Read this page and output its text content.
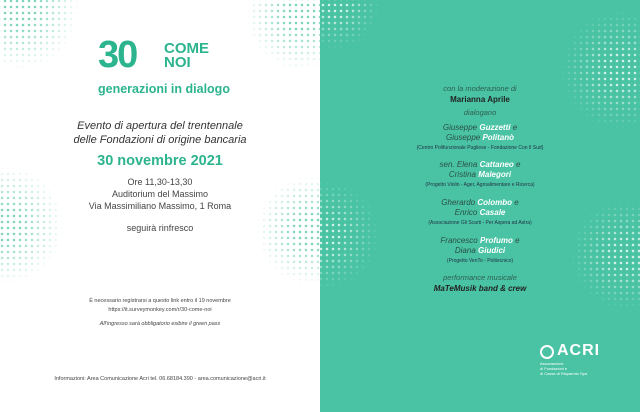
30 COME
NOI
generazioni in dialogo
Evento di apertura del trentennale
delle Fondazioni di origine bancaria
30 novembre 2021
Ore 11,30-13,30
Auditorium del Massimo
Via Massimiliano Massimo, 1 Roma
seguirà rinfresco
È necessario registrarsi a questo link entro il 19 novembre
https://it.surveymonkey.com/r/30-come-noi
All'ingresso sarà obbligatorio esibire il green pass
Informazioni: Area Comunicazione Acri tel. 06.68184.390 - area.comunicazione@acri.it
con la moderazione di
Marianna Aprile
dialogano
Giuseppe Guzzetti e
Giuseppe Politanò
(Centro Polifunzionale Pugliese - Fondazione Con Il Sud)
sen. Elena Cattaneo e
Cristina Malegori
(Progetto Violin - Ager, Agroalimentare e Ricerca)
Gherardo Colombo e
Enrico Casale
(Associazione Gli Scarti - Per Aspera ad Astra)
Francesco Profumo e
Diana Giudici
(Progetto VenTo - Politecnico)
performance musicale
MaTeMusik band & crew
ACRI
Associazione
di Fondazioni e
di Casse di Risparmio Spa
